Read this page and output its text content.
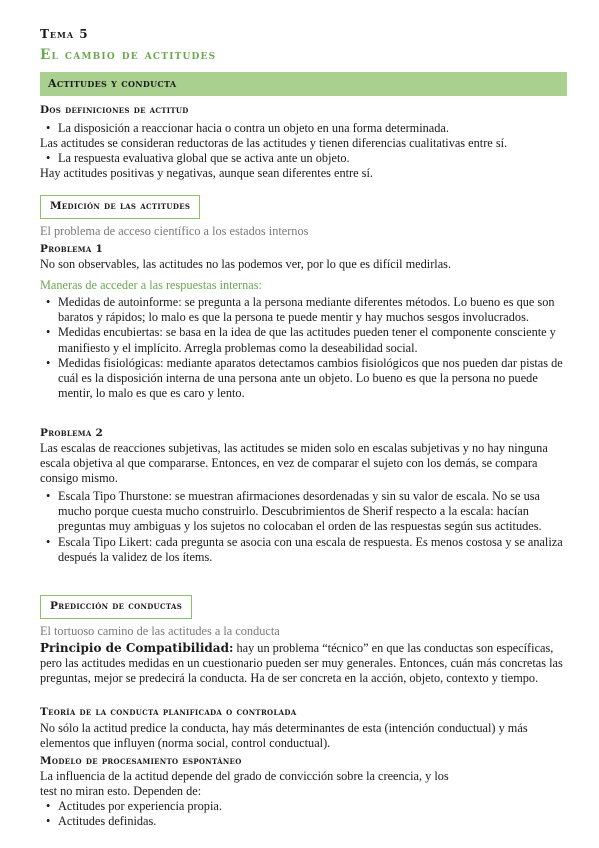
Tema 5
El cambio de actitudes
Actitudes y conducta
Dos definiciones de actitud
• La disposición a reaccionar hacia o contra un objeto en una forma determinada.
Las actitudes se consideran reductoras de las actitudes y tienen diferencias cualitativas entre sí.
• La respuesta evaluativa global que se activa ante un objeto.
Hay actitudes positivas y negativas, aunque sean diferentes entre sí.
Medición de las actitudes
El problema de acceso científico a los estados internos
Problema 1
No son observables, las actitudes no las podemos ver, por lo que es difícil medirlas.
Maneras de acceder a las respuestas internas:
• Medidas de autoinforme: se pregunta a la persona mediante diferentes métodos. Lo bueno es que son baratos y rápidos; lo malo es que la persona te puede mentir y hay muchos sesgos involucrados.
• Medidas encubiertas: se basa en la idea de que las actitudes pueden tener el componente consciente y manifiesto y el implícito. Arregla problemas como la deseabilidad social.
• Medidas fisiológicas: mediante aparatos detectamos cambios fisiológicos que nos pueden dar pistas de cuál es la disposición interna de una persona ante un objeto. Lo bueno es que la persona no puede mentir, lo malo es que es caro y lento.
Problema 2
Las escalas de reacciones subjetivas, las actitudes se miden solo en escalas subjetivas y no hay ninguna escala objetiva al que compararse. Entonces, en vez de comparar el sujeto con los demás, se compara consigo mismo.
• Escala Tipo Thurstone: se muestran afirmaciones desordenadas y sin su valor de escala. No se usa mucho porque cuesta mucho construirlo. Descubrimientos de Sherif respecto a la escala: hacían preguntas muy ambiguas y los sujetos no colocaban el orden de las respuestas según sus actitudes.
• Escala Tipo Likert: cada pregunta se asocia con una escala de respuesta. Es menos costosa y se analiza después la validez de los ítems.
Predicción de conductas
El tortuoso camino de las actitudes a la conducta
Principio de Compatibilidad: hay un problema “técnico” en que las conductas son específicas, pero las actitudes medidas en un cuestionario pueden ser muy generales. Entonces, cuán más concretas las preguntas, mejor se predecirá la conducta. Ha de ser concreta en la acción, objeto, contexto y tiempo.
Teoría de la conducta planificada o controlada
No sólo la actitud predice la conducta, hay más determinantes de esta (intención conductual) y más elementos que influyen (norma social, control conductual).
Modelo de procesamiento espontáneo
La influencia de la actitud depende del grado de convicción sobre la creencia, y los
test no miran esto. Dependen de:
• Actitudes por experiencia propia.
• Actitudes definidas.
